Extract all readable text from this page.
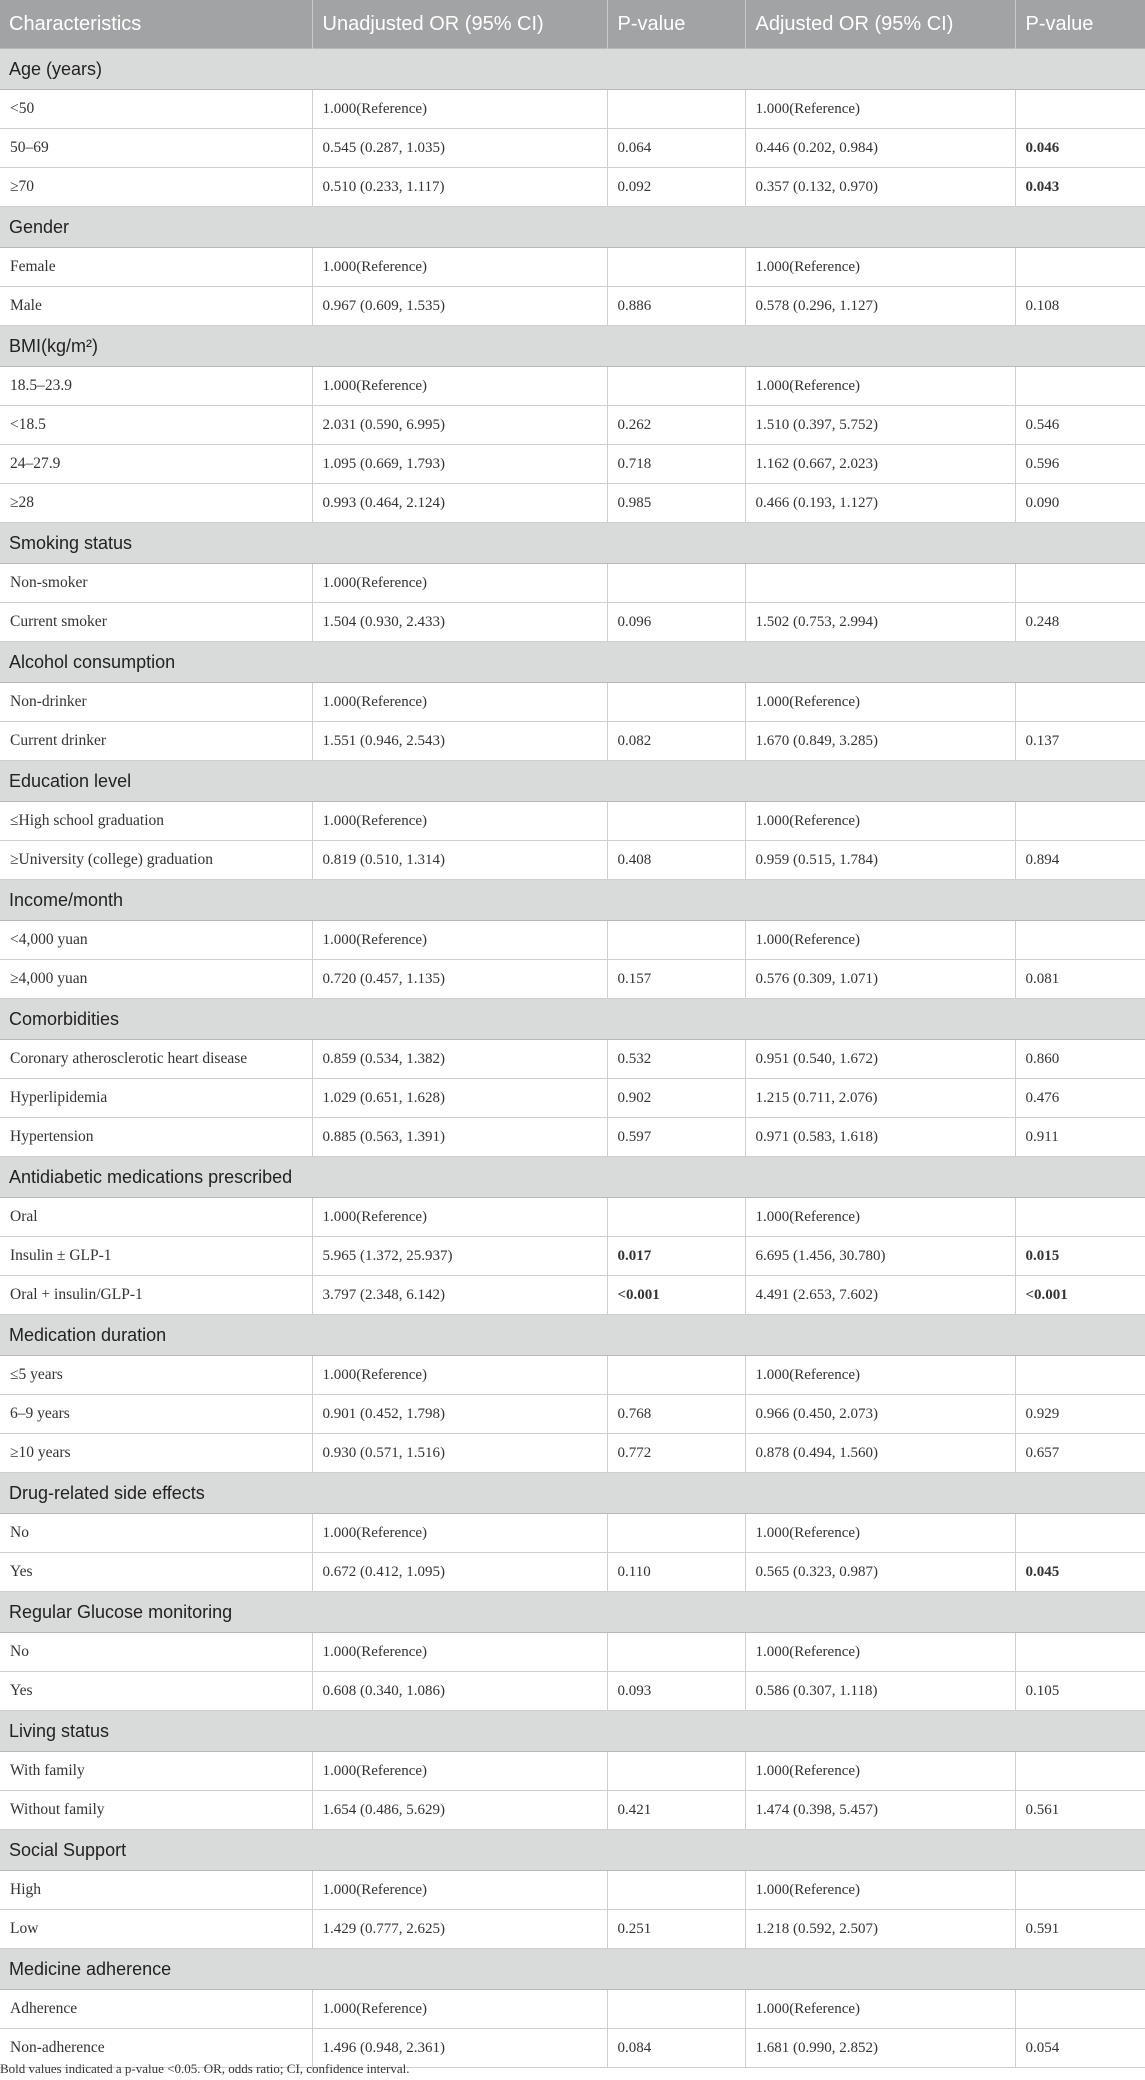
Characteristics	Unadjusted OR (95% CI)	P-value	Adjusted OR (95% CI)	P-value
Age (years)				
<50	1.000(Reference)		1.000(Reference)	
50–69	0.545 (0.287, 1.035)	0.064	0.446 (0.202, 0.984)	0.046
≥70	0.510 (0.233, 1.117)	0.092	0.357 (0.132, 0.970)	0.043
Gender				
Female	1.000(Reference)		1.000(Reference)	
Male	0.967 (0.609, 1.535)	0.886	0.578 (0.296, 1.127)	0.108
BMI(kg/m²)				
18.5–23.9	1.000(Reference)		1.000(Reference)	
<18.5	2.031 (0.590, 6.995)	0.262	1.510 (0.397, 5.752)	0.546
24–27.9	1.095 (0.669, 1.793)	0.718	1.162 (0.667, 2.023)	0.596
≥28	0.993 (0.464, 2.124)	0.985	0.466 (0.193, 1.127)	0.090
Smoking status				
Non-smoker	1.000(Reference)			
Current smoker	1.504 (0.930, 2.433)	0.096	1.502 (0.753, 2.994)	0.248
Alcohol consumption				
Non-drinker	1.000(Reference)		1.000(Reference)	
Current drinker	1.551 (0.946, 2.543)	0.082	1.670 (0.849, 3.285)	0.137
Education level				
≤High school graduation	1.000(Reference)		1.000(Reference)	
≥University (college) graduation	0.819 (0.510, 1.314)	0.408	0.959 (0.515, 1.784)	0.894
Income/month				
<4,000 yuan	1.000(Reference)		1.000(Reference)	
≥4,000 yuan	0.720 (0.457, 1.135)	0.157	0.576 (0.309, 1.071)	0.081
Comorbidities				
Coronary atherosclerotic heart disease	0.859 (0.534, 1.382)	0.532	0.951 (0.540, 1.672)	0.860
Hyperlipidemia	1.029 (0.651, 1.628)	0.902	1.215 (0.711, 2.076)	0.476
Hypertension	0.885 (0.563, 1.391)	0.597	0.971 (0.583, 1.618)	0.911
Antidiabetic medications prescribed				
Oral	1.000(Reference)		1.000(Reference)	
Insulin ± GLP-1	5.965 (1.372, 25.937)	0.017	6.695 (1.456, 30.780)	0.015
Oral + insulin/GLP-1	3.797 (2.348, 6.142)	<0.001	4.491 (2.653, 7.602)	<0.001
Medication duration				
≤5 years	1.000(Reference)		1.000(Reference)	
6–9 years	0.901 (0.452, 1.798)	0.768	0.966 (0.450, 2.073)	0.929
≥10 years	0.930 (0.571, 1.516)	0.772	0.878 (0.494, 1.560)	0.657
Drug-related side effects				
No	1.000(Reference)		1.000(Reference)	
Yes	0.672 (0.412, 1.095)	0.110	0.565 (0.323, 0.987)	0.045
Regular Glucose monitoring				
No	1.000(Reference)		1.000(Reference)	
Yes	0.608 (0.340, 1.086)	0.093	0.586 (0.307, 1.118)	0.105
Living status				
With family	1.000(Reference)		1.000(Reference)	
Without family	1.654 (0.486, 5.629)	0.421	1.474 (0.398, 5.457)	0.561
Social Support				
High	1.000(Reference)		1.000(Reference)	
Low	1.429 (0.777, 2.625)	0.251	1.218 (0.592, 2.507)	0.591
Medicine adherence				
Adherence	1.000(Reference)		1.000(Reference)	
Non-adherence	1.496 (0.948, 2.361)	0.084	1.681 (0.990, 2.852)	0.054
Bold values indicated a p-value <0.05. OR, odds ratio; CI, confidence interval.
